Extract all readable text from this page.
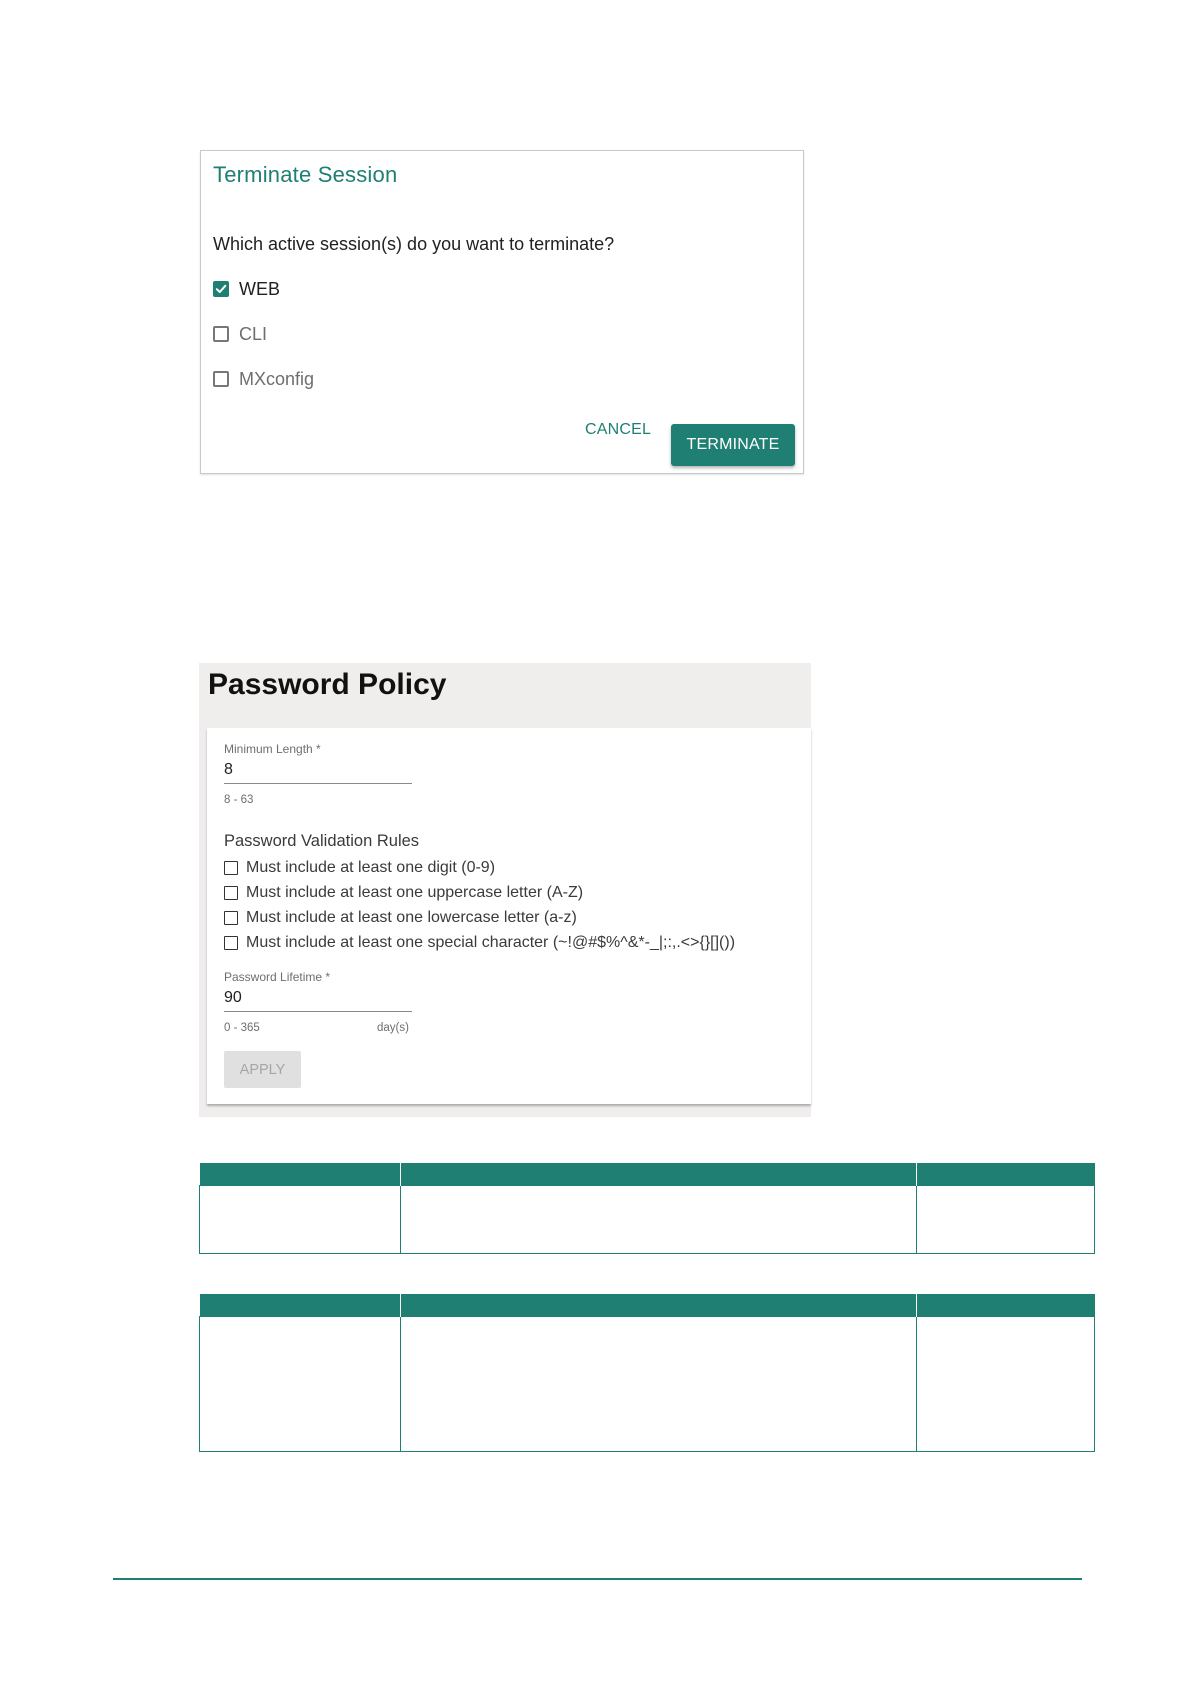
Terminate Session
Which active session(s) do you want to terminate?
WEB
CLI
MXconfig
CANCEL
TERMINATE
Password Policy
Minimum Length *
8
8 - 63
Password Validation Rules
Must include at least one digit (0-9)
Must include at least one uppercase letter (A-Z)
Must include at least one lowercase letter (a-z)
Must include at least one special character (~!@#$%^&*-_|;:,.<>{}[]())
Password Lifetime *
90
0 - 365	day(s)
APPLY
